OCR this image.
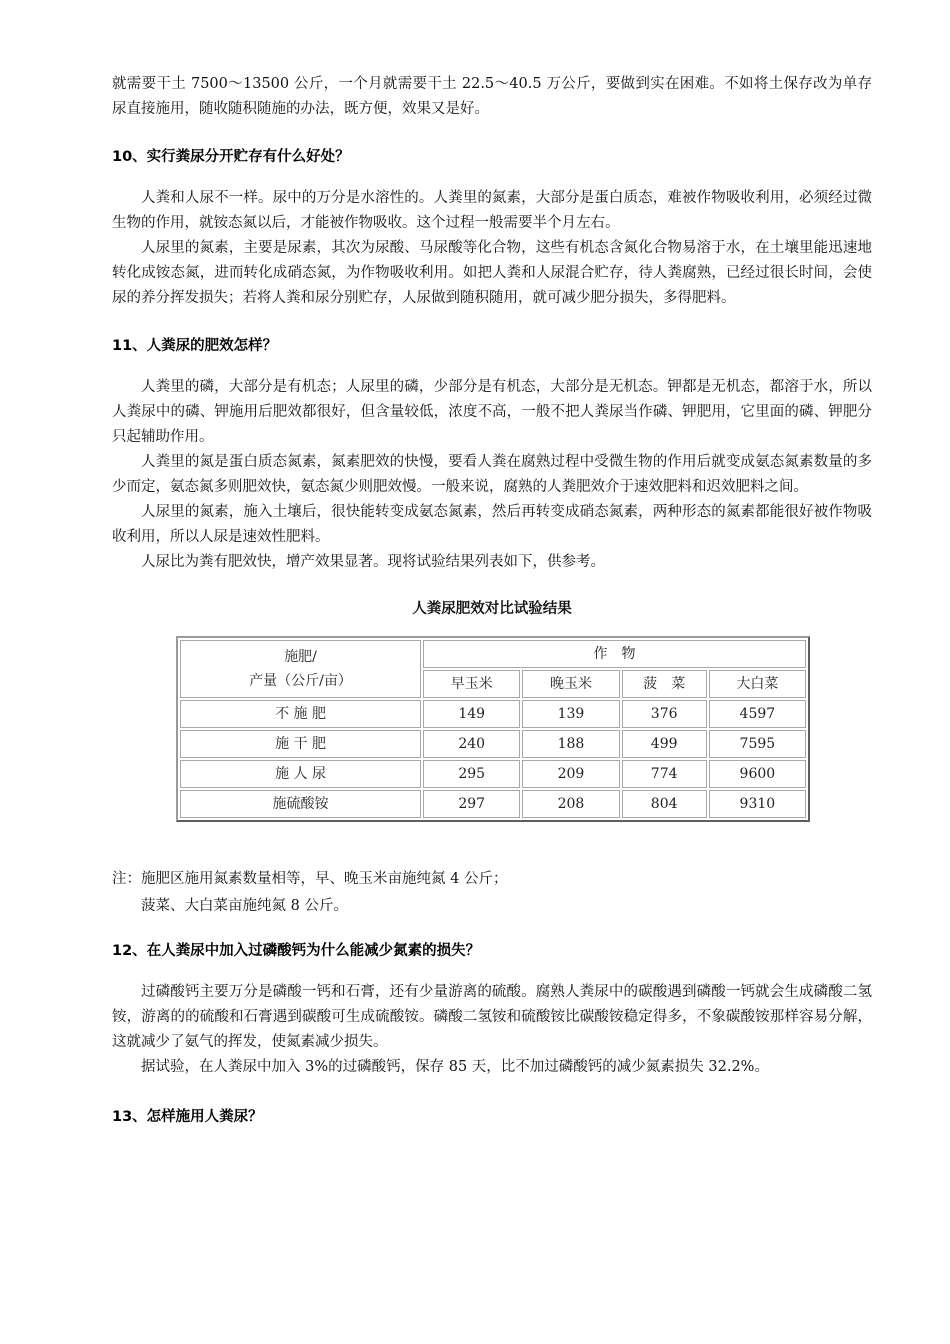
就需要干土 7500～13500 公斤，一个月就需要干土 22.5～40.5 万公斤，要做到实在困难。不如将土保存改为单存尿直接施用，随收随积随施的办法，既方便，效果又是好。

10、实行粪尿分开贮存有什么好处？

人粪和人尿不一样。尿中的万分是水溶性的。人粪里的氮素，大部分是蛋白质态，难被作物吸收利用，必须经过微生物的作用，就铵态氮以后，才能被作物吸收。这个过程一般需要半个月左右。

人尿里的氮素，主要是尿素，其次为尿酸、马尿酸等化合物，这些有机态含氮化合物易溶于水，在土壤里能迅速地转化成铵态氮，进而转化成硝态氮，为作物吸收利用。如把人粪和人尿混合贮存，待人粪腐熟，已经过很长时间，会使尿的养分挥发损失；若将人粪和尿分别贮存，人尿做到随积随用，就可减少肥分损失，多得肥料。

11、人粪尿的肥效怎样？

人粪里的磷，大部分是有机态；人尿里的磷，少部分是有机态，大部分是无机态。钾都是无机态，都溶于水，所以人粪尿中的磷、钾施用后肥效都很好，但含量较低，浓度不高，一般不把人粪尿当作磷、钾肥用，它里面的磷、钾肥分只起辅助作用。

人粪里的氮是蛋白质态氮素，氮素肥效的快慢，要看人粪在腐熟过程中受微生物的作用后就变成氨态氮素数量的多少而定，氨态氮多则肥效快，氨态氮少则肥效慢。一般来说，腐熟的人粪肥效介于速效肥料和迟效肥料之间。

人尿里的氮素，施入土壤后，很快能转变成氨态氮素，然后再转变成硝态氮素，两种形态的氮素都能很好被作物吸收利用，所以人尿是速效性肥料。

人尿比为粪有肥效快，增产效果显著。现将试验结果列表如下，供参考。

人粪尿肥效对比试验结果

施肥/
产量（公斤/亩）	作　物			
	早玉米	晚玉米	菠　菜	大白菜
不 施 肥	149	139	376	4597
施 干 肥	240	188	499	7595
施 人 尿	295	209	774	9600
施硫酸铵	297	208	804	9310

注：施肥区施用氮素数量相等，早、晚玉米亩施纯氮 4 公斤；

菠菜、大白菜亩施纯氮 8 公斤。

12、在人粪尿中加入过磷酸钙为什么能减少氮素的损失？

过磷酸钙主要万分是磷酸一钙和石膏，还有少量游离的硫酸。腐熟人粪尿中的碳酸遇到磷酸一钙就会生成磷酸二氢铵，游离的的硫酸和石膏遇到碳酸可生成硫酸铵。磷酸二氢铵和硫酸铵比碳酸铵稳定得多，不象碳酸铵那样容易分解，这就减少了氨气的挥发，使氮素减少损失。

据试验，在人粪尿中加入 3%的过磷酸钙，保存 85 天，比不加过磷酸钙的减少氮素损失 32.2%。

13、怎样施用人粪尿？
